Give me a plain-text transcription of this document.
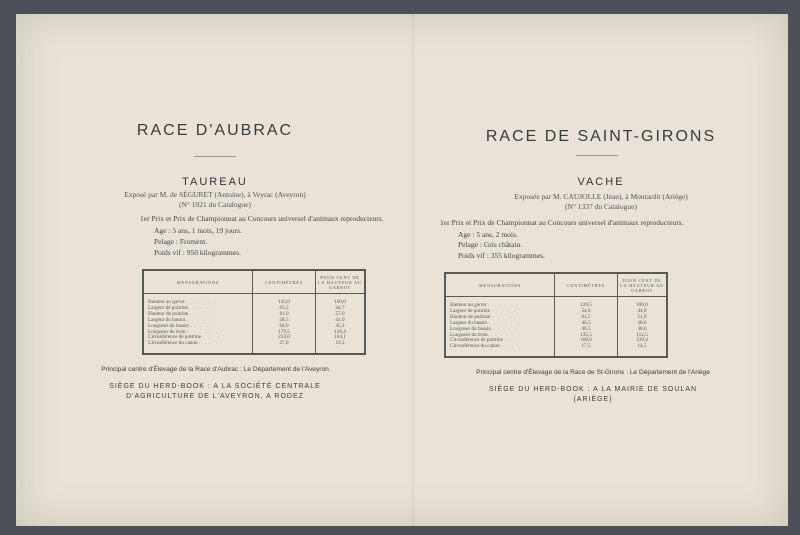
RACE D'AUBRAC
TAUREAU
Exposé par M. de SÉGURET (Antoine), à Veyrac (Aveyron)
(N° 1021 du Catalogue)
1er Prix et Prix de Championnat au Concours universel d'animaux reproducteurs.
Age : 5 ans, 1 mois, 19 jours.
Pelage : Froment.
Poids vif : 950 kilogrammes.
MENSURATIONS	CENTIMÈTRES	POUR CENT DE LA HAUTEUR AU GARROT

Hauteur au garrot . . . . . .	142,0	100,0
Largeur de poitrine . . . . .	63,5	44,7
Hauteur de poitrine . . . . .	81,0	57,0
Largeur du bassin . . . . . .	58,5	41,0
Longueur du bassin . . . . .	64,0	45,1
Longueur du tronc . . . . . .	179,5	126,4
Circonférence de poitrine . . .	233,0	164,1
Circonférence du canon . . . .	27,0	19,2

Principal centre d'Élevage de la Race d'Aubrac : Le Département de l'Aveyron
SIÈGE DU HERD-BOOK : A LA SOCIÉTÉ CENTRALE
D'AGRICULTURE DE L'AVEYRON, A RODEZ
RACE DE SAINT-GIRONS
VACHE
Exposée par M. CAUJOLLE (Jean), à Montardit (Ariège)
(N° 1337 du Catalogue)
1er Prix et Prix de Championnat au Concours universel d'animaux reproducteurs.
Age : 5 ans, 2 mois.
Pelage : Gris châtain.
Poids vif : 355 kilogrammes.
MENSURATIONS	CENTIMÈTRES	POUR CENT DE LA HAUTEUR AU GARROT

Hauteur au garrot . . . . . .	120,5	100,0
Largeur de poitrine . . . . .	54,0	44,8
Hauteur de poitrine . . . . .	61,5	51,0
Largeur du bassin . . . . . .	46,5	38,6
Longueur du bassin . . . . .	46,5	38,6
Longueur du tronc . . . . . .	135,5	112,5
Circonférence de poitrine . . .	168,0	139,4
Circonférence du canon . . . .	17,5	14,5

Principal centre d'Élevage de la Race de St-Girons : Le Département de l'Ariège
SIÈGE DU HERD-BOOK : A LA MAIRIE DE SOULAN
(ARIÈGE)
